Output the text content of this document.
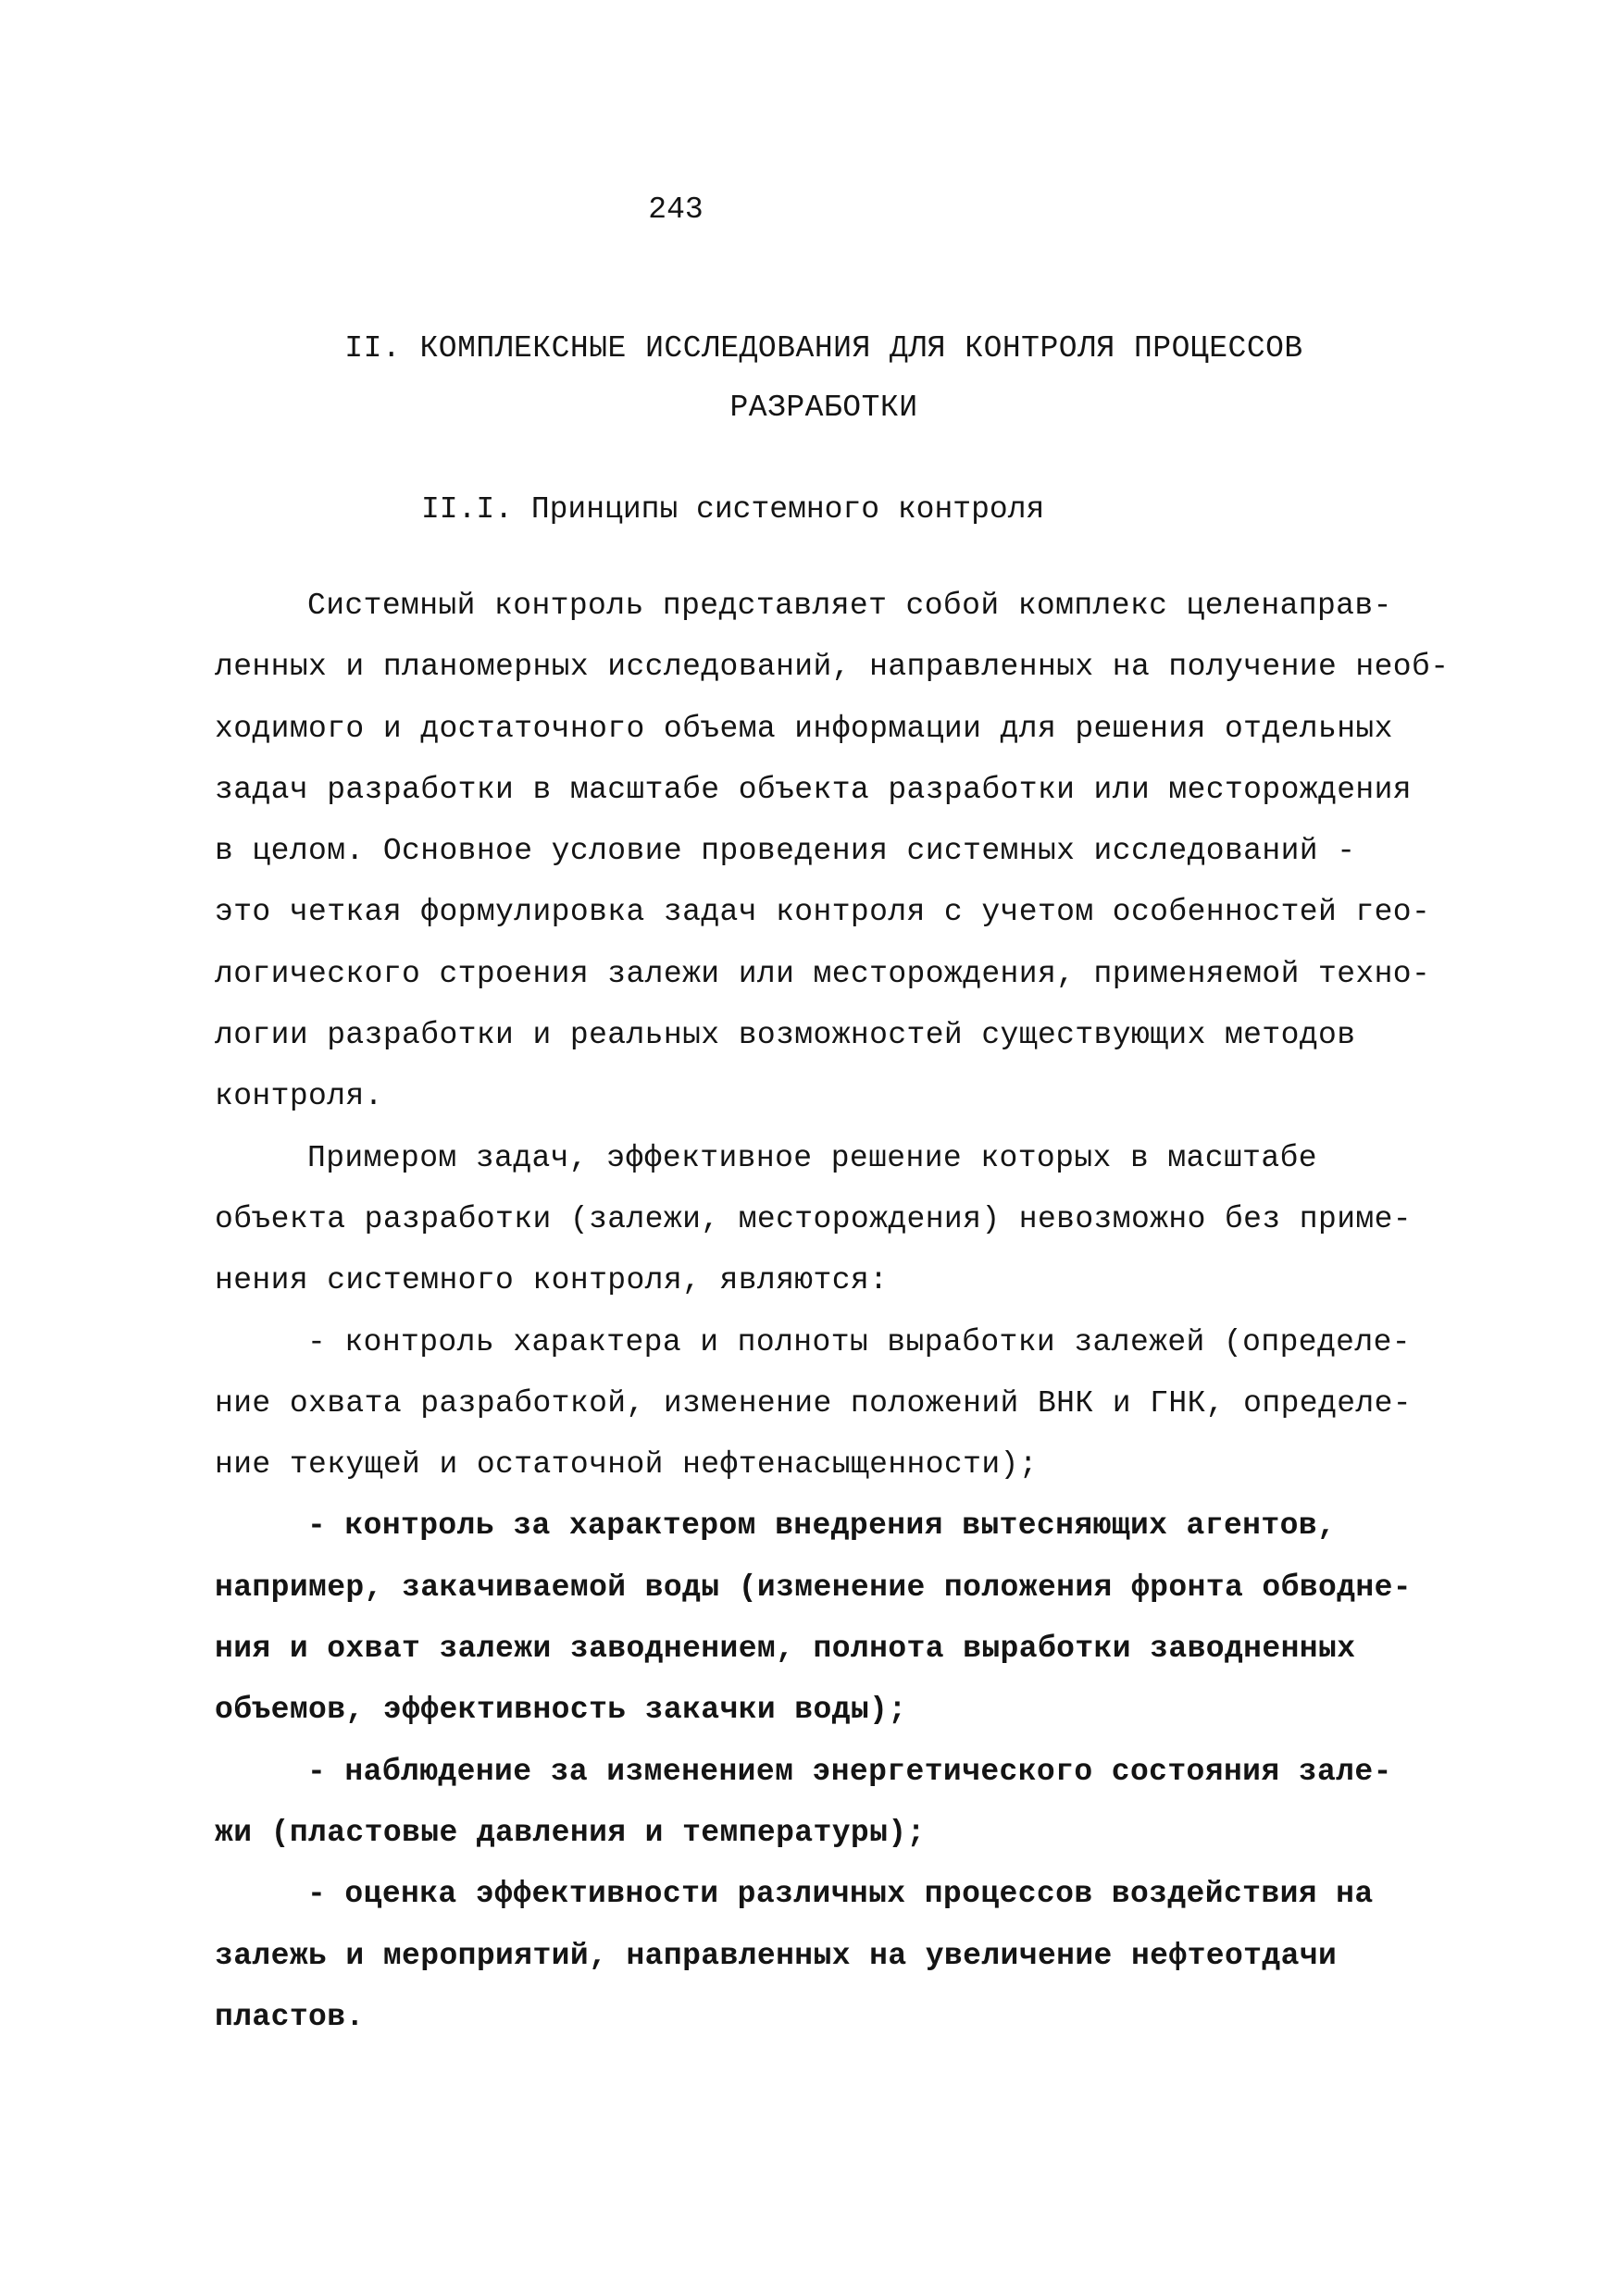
243
II. КОМПЛЕКСНЫЕ ИССЛЕДОВАНИЯ ДЛЯ КОНТРОЛЯ ПРОЦЕССОВ
РАЗРАБОТКИ
II.I. Принципы системного контроля
Системный контроль представляет собой комплекс целенаправ-
ленных и планомерных исследований, направленных на получение необ-
ходимого и достаточного объема информации для решения отдельных
задач разработки в масштабе объекта разработки или месторождения
в целом. Основное условие проведения системных исследований -
это четкая формулировка задач контроля с учетом особенностей гео-
логического строения залежи или месторождения, применяемой техно-
логии разработки и реальных возможностей существующих методов
контроля.
Примером задач, эффективное решение которых в масштабе
объекта разработки (залежи, месторождения) невозможно без приме-
нения системного контроля, являются:
- контроль характера и полноты выработки залежей (определе-
ние охвата разработкой, изменение положений ВНК и ГНК, определе-
ние текущей и остаточной нефтенасыщенности);
- контроль за характером внедрения вытесняющих агентов,
например, закачиваемой воды (изменение положения фронта обводне-
ния и охват залежи заводнением, полнота выработки заводненных
объемов, эффективность закачки воды);
- наблюдение за изменением энергетического состояния зале-
жи (пластовые давления и температуры);
- оценка эффективности различных процессов воздействия на
залежь и мероприятий, направленных на увеличение нефтеотдачи
пластов.
